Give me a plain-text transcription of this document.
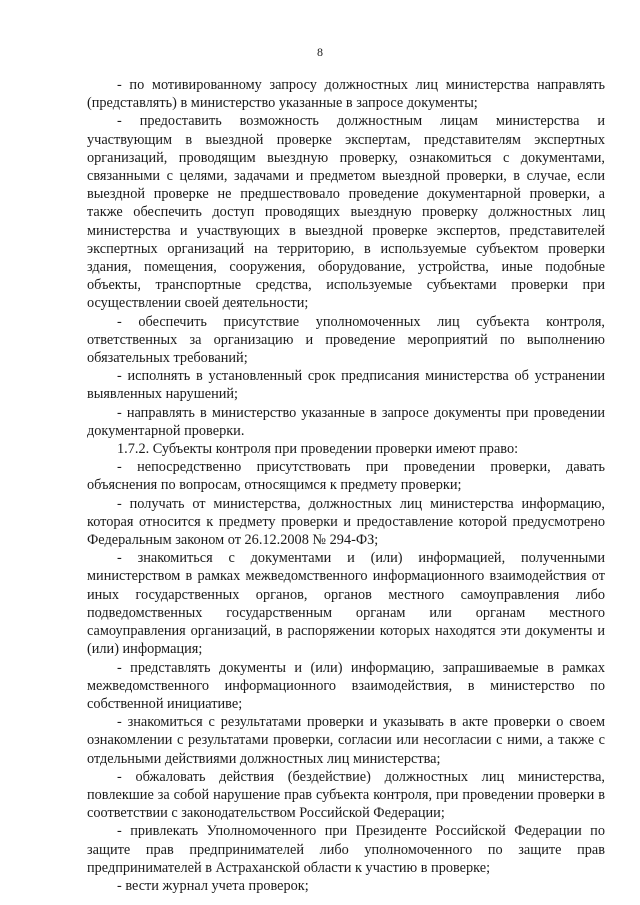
8

- по мотивированному запросу должностных лиц министерства направлять (представлять) в министерство указанные в запросе документы;

- предоставить возможность должностным лицам министерства и участвующим в выездной проверке экспертам, представителям экспертных организаций, проводящим выездную проверку, ознакомиться с документами, связанными с целями, задачами и предметом выездной проверки, в случае, если выездной проверке не предшествовало проведение документарной проверки, а также обеспечить доступ проводящих выездную проверку должностных лиц министерства и участвующих в выездной проверке экспертов, представителей экспертных организаций на территорию, в используемые субъектом проверки здания, помещения, сооружения, оборудование, устройства, иные подобные объекты, транспортные средства, используемые субъектами проверки при осуществлении своей деятельности;

- обеспечить присутствие уполномоченных лиц субъекта контроля, ответственных за организацию и проведение мероприятий по выполнению обязательных требований;

- исполнять в установленный срок предписания министерства об устранении выявленных нарушений;

- направлять в министерство указанные в запросе документы при проведении документарной проверки.

1.7.2. Субъекты контроля при проведении проверки имеют право:

- непосредственно присутствовать при проведении проверки, давать объяснения по вопросам, относящимся к предмету проверки;

- получать от министерства, должностных лиц министерства информацию, которая относится к предмету проверки и предоставление которой предусмотрено Федеральным законом от 26.12.2008 № 294-ФЗ;

- знакомиться с документами и (или) информацией, полученными министерством в рамках межведомственного информационного взаимодействия от иных государственных органов, органов местного самоуправления либо подведомственных государственным органам или органам местного самоуправления организаций, в распоряжении которых находятся эти документы и (или) информация;

- представлять документы и (или) информацию, запрашиваемые в рамках межведомственного информационного взаимодействия, в министерство по собственной инициативе;

- знакомиться с результатами проверки и указывать в акте проверки о своем ознакомлении с результатами проверки, согласии или несогласии с ними, а также с отдельными действиями должностных лиц министерства;

- обжаловать действия (бездействие) должностных лиц министерства, повлекшие за собой нарушение прав субъекта контроля, при проведении проверки в соответствии с законодательством Российской Федерации;

- привлекать Уполномоченного при Президенте Российской Федерации по защите прав предпринимателей либо уполномоченного по защите прав предпринимателей в Астраханской области к участию в проверке;

- вести журнал учета проверок;
